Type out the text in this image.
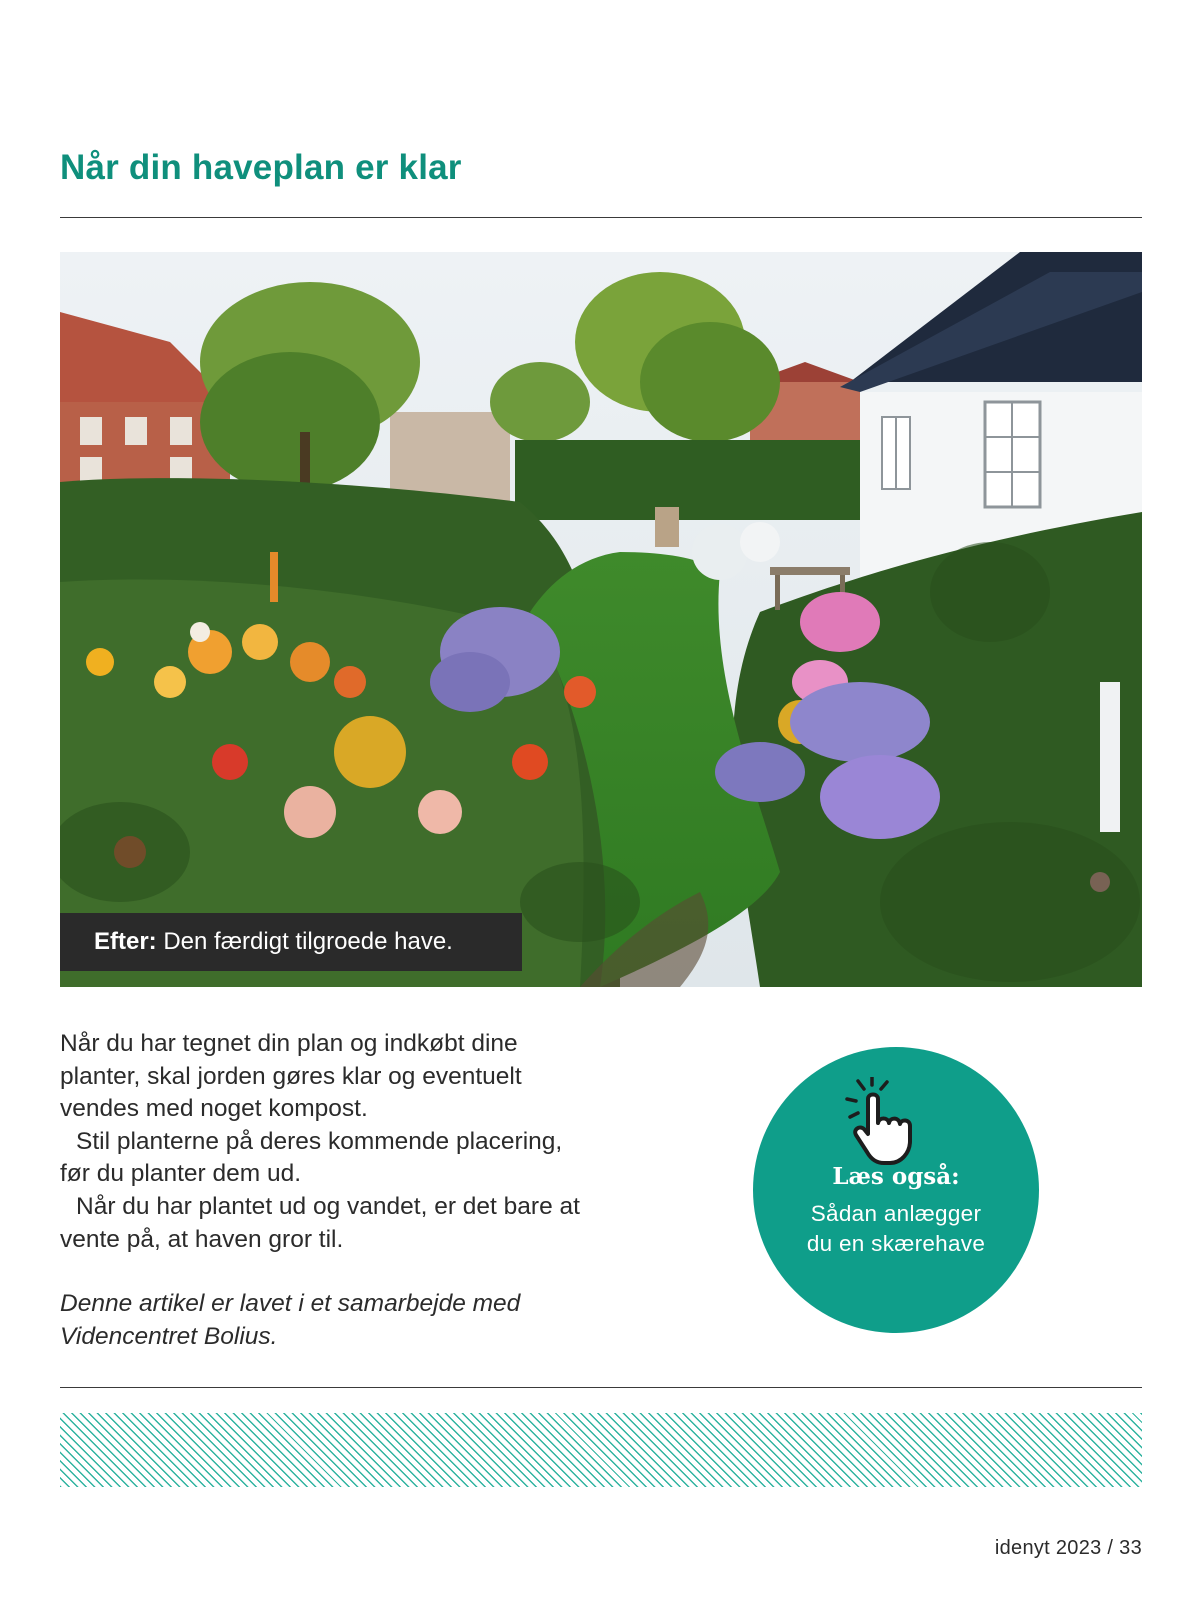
Når din haveplan er klar
Efter: Den færdigt tilgroede have.

Når du har tegnet din plan og indkøbt dine planter, skal jorden gøres klar og eventuelt vendes med noget kompost.

Stil planterne på deres kommende placering, før du planter dem ud.

Når du har plantet ud og vandet, er det bare at vente på, at haven gror til.

Denne artikel er lavet i et samarbejde med Videncentret Bolius.

Læs også:
Sådan anlægger
du en skærehave
idenyt 2023 / 33
